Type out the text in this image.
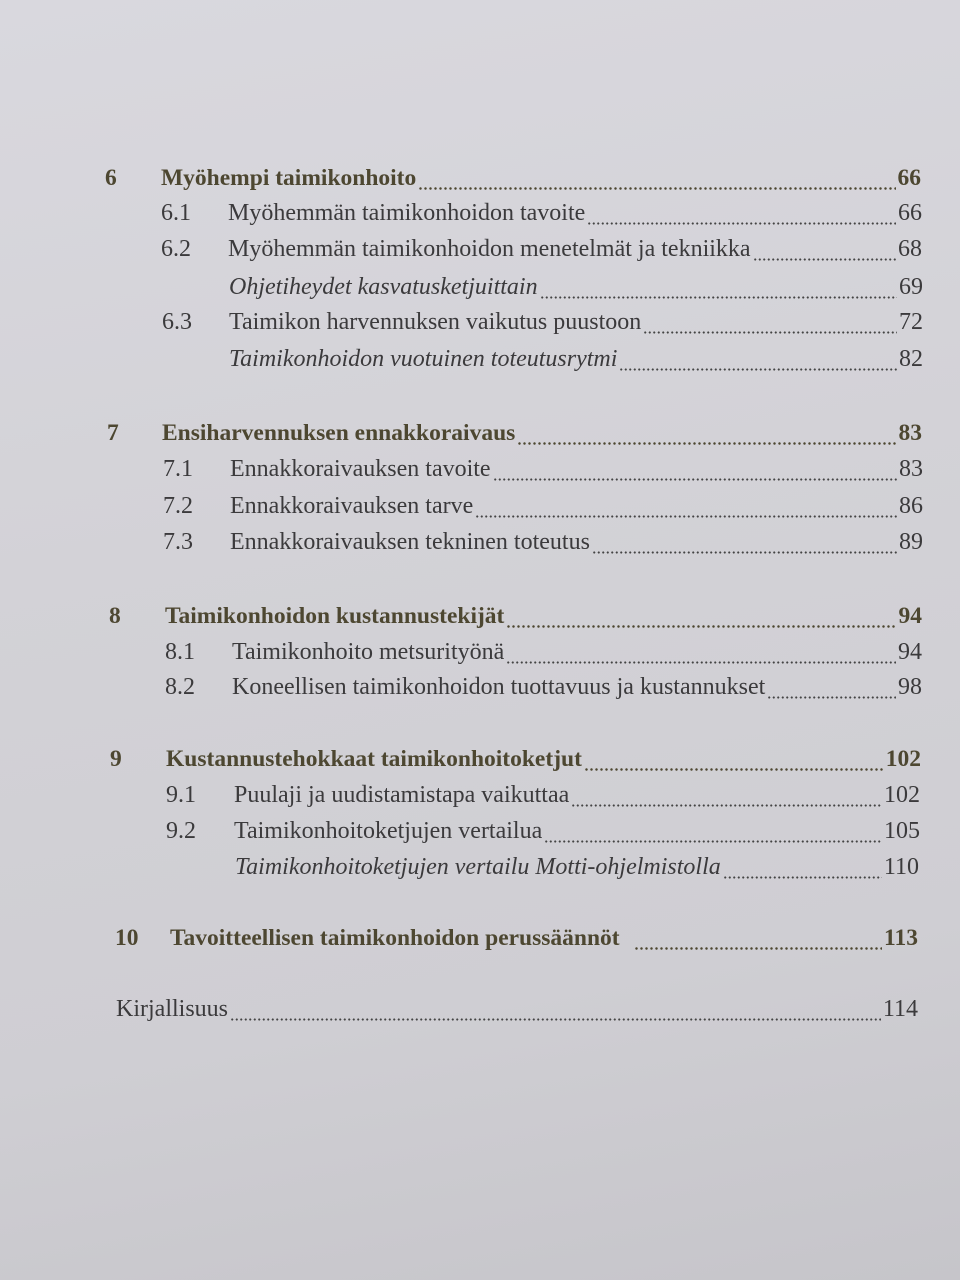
6 Myöhempi taimikonhoito	66
6.1 Myöhemmän taimikonhoidon tavoite	66
6.2 Myöhemmän taimikonhoidon menetelmät ja tekniikka	68
Ohjetiheydet kasvatusketjuittain	69
6.3 Taimikon harvennuksen vaikutus puustoon	72
Taimikonhoidon vuotuinen toteutusrytmi	82
7 Ensiharvennuksen ennakkoraivaus	83
7.1 Ennakkoraivauksen tavoite	83
7.2 Ennakkoraivauksen tarve	86
7.3 Ennakkoraivauksen tekninen toteutus	89
8 Taimikonhoidon kustannustekijät	94
8.1 Taimikonhoito metsurityönä	94
8.2 Koneellisen taimikonhoidon tuottavuus ja kustannukset	98
9 Kustannustehokkaat taimikonhoitoketjut	102
9.1 Puulaji ja uudistamistapa vaikuttaa	102
9.2 Taimikonhoitoketjujen vertailua	105
Taimikonhoitoketjujen vertailu Motti-ohjelmistolla	110
10 Tavoitteellisen taimikonhoidon perussäännöt	113
Kirjallisuus	114
